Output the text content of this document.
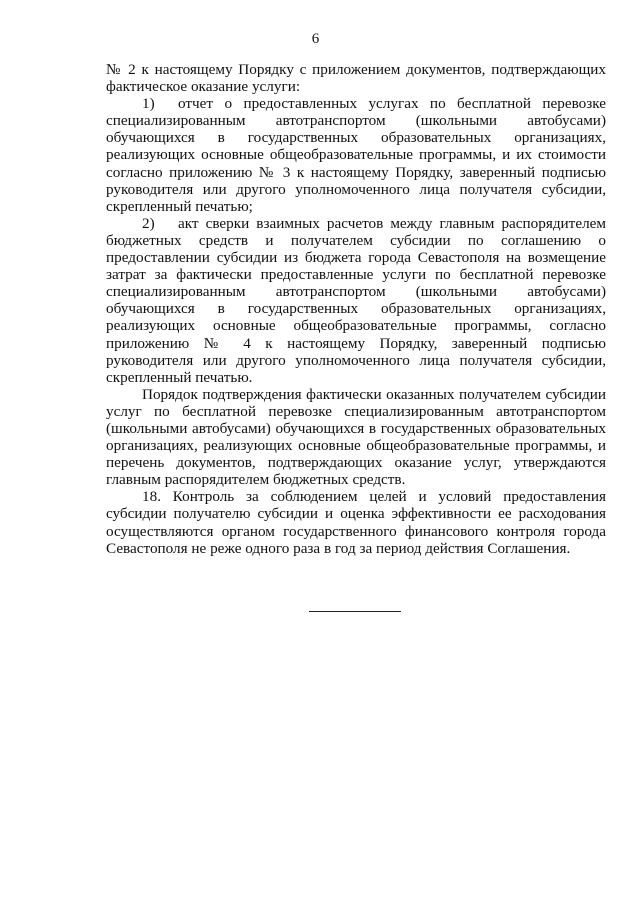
6

№ 2 к настоящему Порядку с приложением документов, подтверждающих фактическое оказание услуги:

1) отчет о предоставленных услугах по бесплатной перевозке специализированным автотранспортом (школьными автобусами) обучающихся в государственных образовательных организациях, реализующих основные общеобразовательные программы, и их стоимости согласно приложению № 3 к настоящему Порядку, заверенный подписью руководителя или другого уполномоченного лица получателя субсидии, скрепленный печатью;

2) акт сверки взаимных расчетов между главным распорядителем бюджетных средств и получателем субсидии по соглашению о предоставлении субсидии из бюджета города Севастополя на возмещение затрат за фактически предоставленные услуги по бесплатной перевозке специализированным автотранспортом (школьными автобусами) обучающихся в государственных образовательных организациях, реализующих основные общеобразовательные программы, согласно приложению № 4 к настоящему Порядку, заверенный подписью руководителя или другого уполномоченного лица получателя субсидии, скрепленный печатью.

Порядок подтверждения фактически оказанных получателем субсидии услуг по бесплатной перевозке специализированным автотранспортом (школьными автобусами) обучающихся в государственных образовательных организациях, реализующих основные общеобразовательные программы, и перечень документов, подтверждающих оказание услуг, утверждаются главным распорядителем бюджетных средств.

18. Контроль за соблюдением целей и условий предоставления субсидии получателю субсидии и оценка эффективности ее расходования осуществляются органом государственного финансового контроля города Севастополя не реже одного раза в год за период действия Соглашения.
